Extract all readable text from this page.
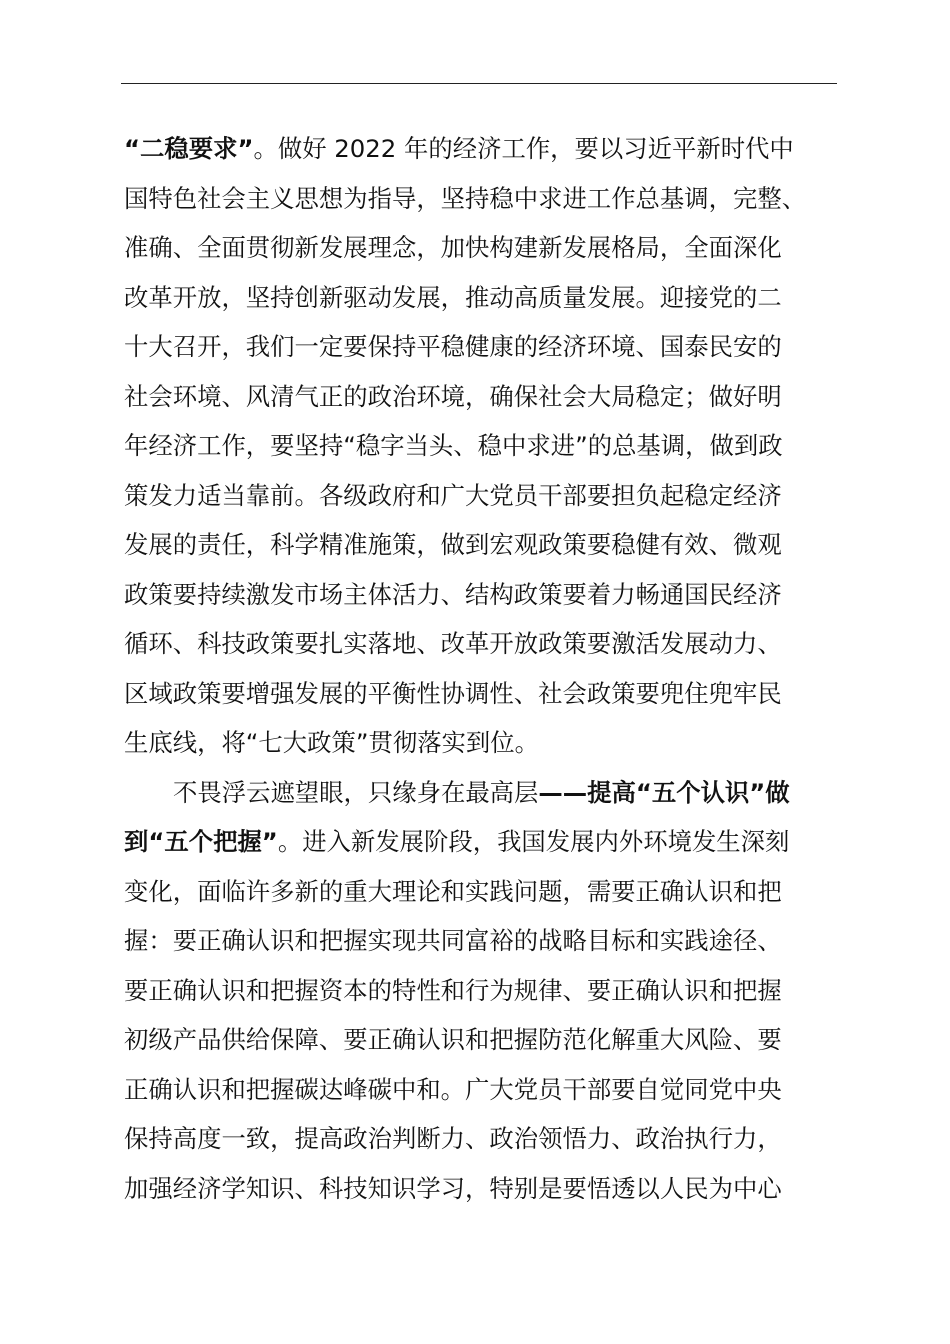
“二稳要求”。做好 2022 年的经济工作，要以习近平新时代中
国特色社会主义思想为指导，坚持稳中求进工作总基调，完整、
准确、全面贯彻新发展理念，加快构建新发展格局，全面深化
改革开放，坚持创新驱动发展，推动高质量发展。迎接党的二
十大召开，我们一定要保持平稳健康的经济环境、国泰民安的
社会环境、风清气正的政治环境，确保社会大局稳定；做好明
年经济工作，要坚持“稳字当头、稳中求进”的总基调，做到政
策发力适当靠前。各级政府和广大党员干部要担负起稳定经济
发展的责任，科学精准施策，做到宏观政策要稳健有效、微观
政策要持续激发市场主体活力、结构政策要着力畅通国民经济
循环、科技政策要扎实落地、改革开放政策要激活发展动力、
区域政策要增强发展的平衡性协调性、社会政策要兜住兜牢民
生底线，将“七大政策”贯彻落实到位。
不畏浮云遮望眼，只缘身在最高层——提高“五个认识”做
到“五个把握”。进入新发展阶段，我国发展内外环境发生深刻
变化，面临许多新的重大理论和实践问题，需要正确认识和把
握：要正确认识和把握实现共同富裕的战略目标和实践途径、
要正确认识和把握资本的特性和行为规律、要正确认识和把握
初级产品供给保障、要正确认识和把握防范化解重大风险、要
正确认识和把握碳达峰碳中和。广大党员干部要自觉同党中央
保持高度一致，提高政治判断力、政治领悟力、政治执行力，
加强经济学知识、科技知识学习，特别是要悟透以人民为中心
